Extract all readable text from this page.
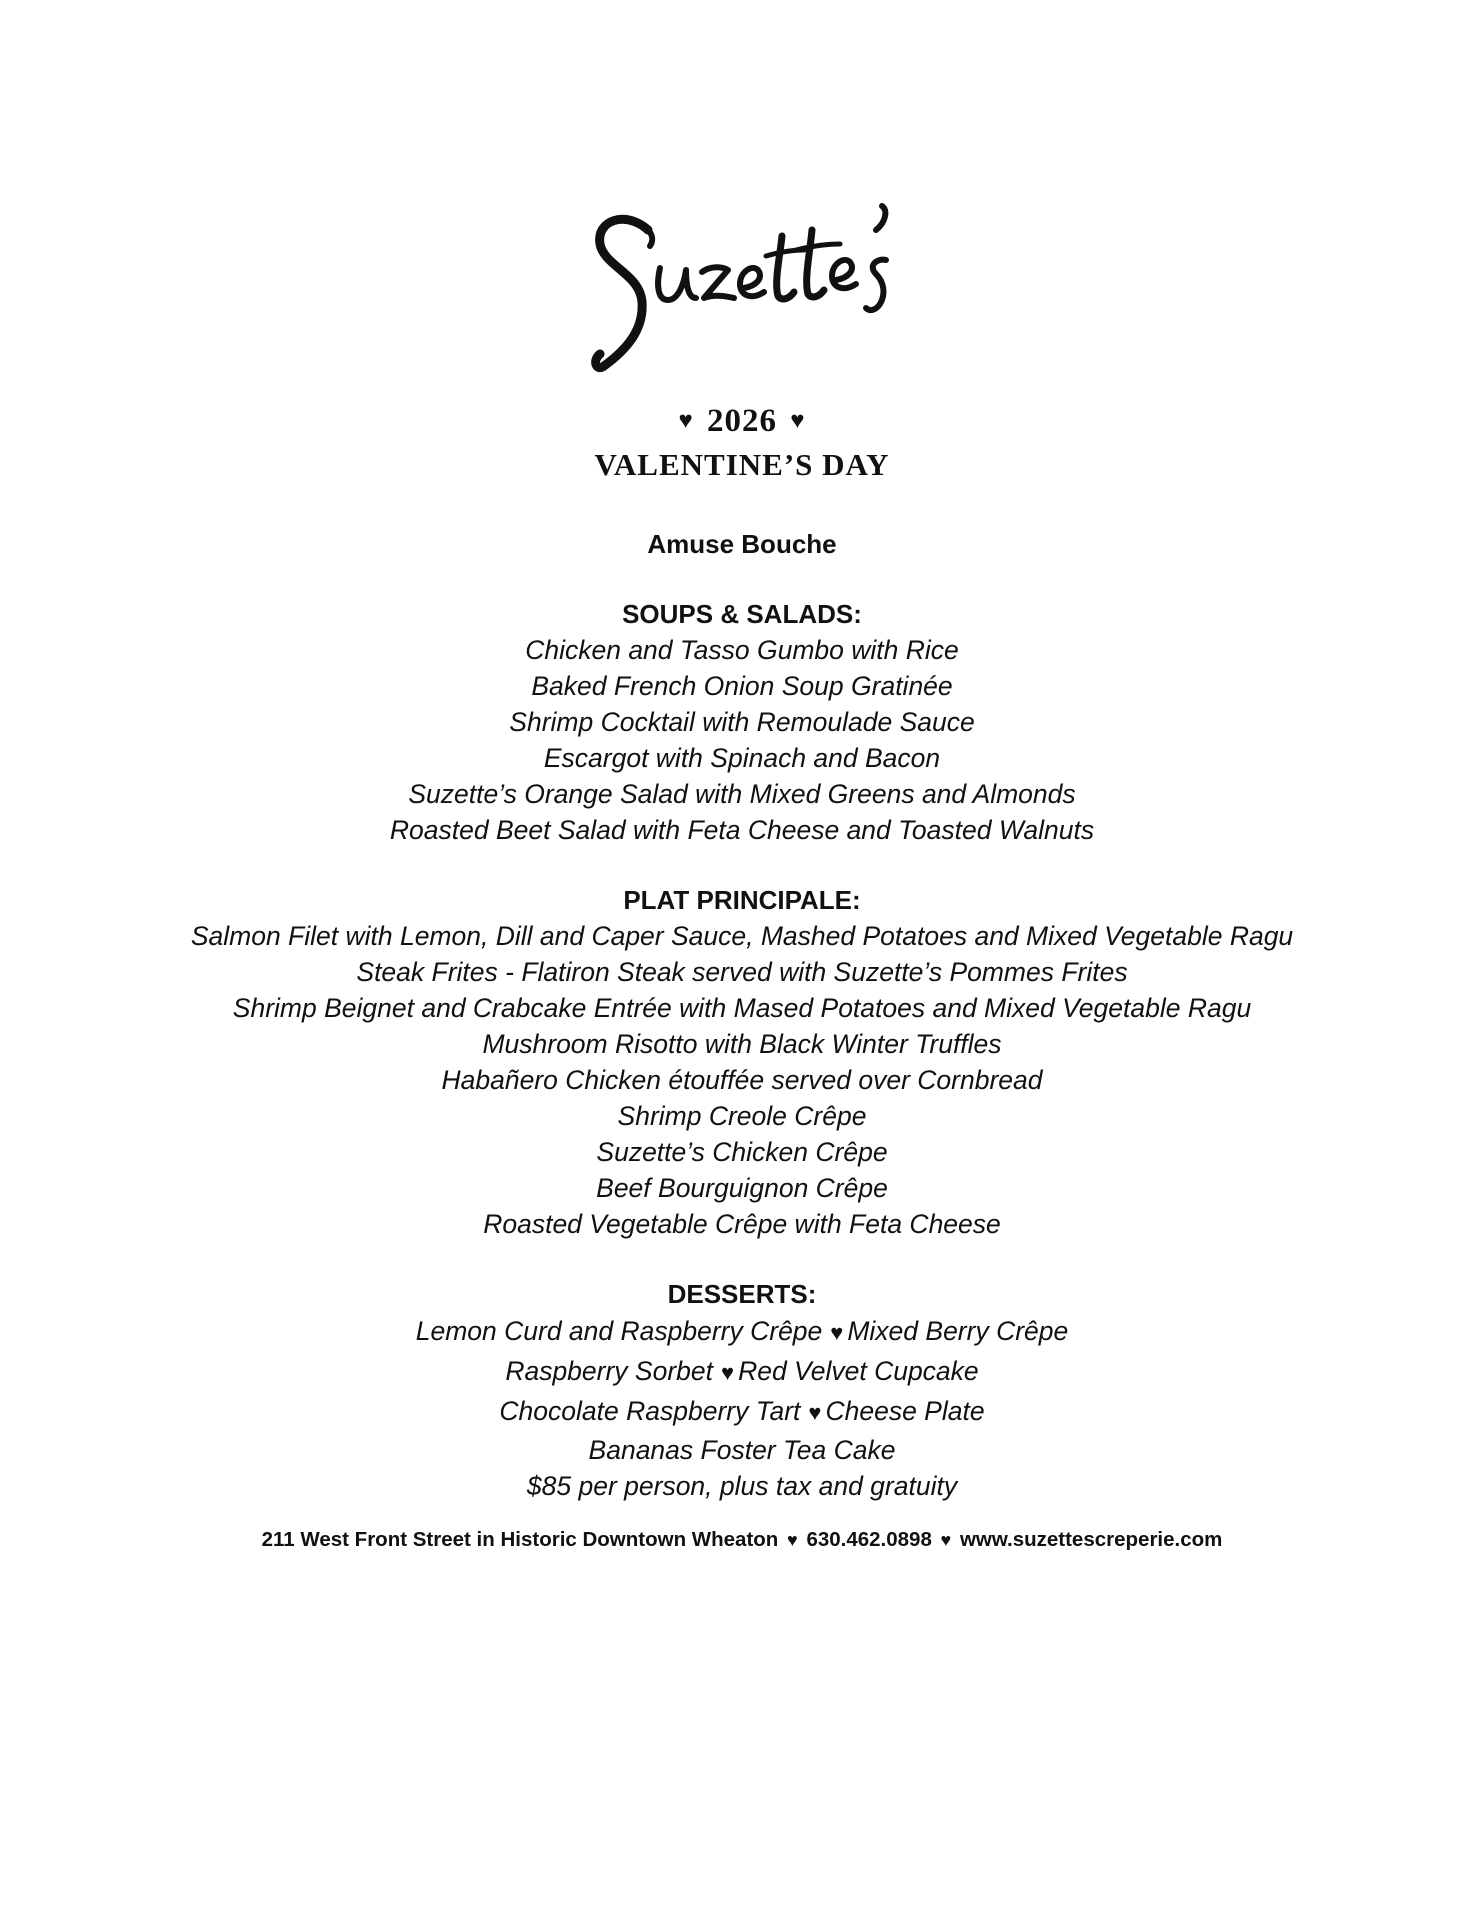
♥ 2026 ♥
VALENTINE’S DAY

Amuse Bouche

SOUPS & SALADS:

Chicken and Tasso Gumbo with Rice

Baked French Onion Soup Gratinée

Shrimp Cocktail with Remoulade Sauce

Escargot with Spinach and Bacon

Suzette’s Orange Salad with Mixed Greens and Almonds

Roasted Beet Salad with Feta Cheese and Toasted Walnuts

PLAT PRINCIPALE:

Salmon Filet with Lemon, Dill and Caper Sauce, Mashed Potatoes and Mixed Vegetable Ragu

Steak Frites - Flatiron Steak served with Suzette’s Pommes Frites

Shrimp Beignet and Crabcake Entrée with Mased Potatoes and Mixed Vegetable Ragu

Mushroom Risotto with Black Winter Truffles

Habañero Chicken étouffée served over Cornbread

Shrimp Creole Crêpe

Suzette’s Chicken Crêpe

Beef Bourguignon Crêpe

Roasted Vegetable Crêpe with Feta Cheese

DESSERTS:

Lemon Curd and Raspberry Crêpe ♥ Mixed Berry Crêpe

Raspberry Sorbet ♥ Red Velvet Cupcake

Chocolate Raspberry Tart ♥ Cheese Plate

Bananas Foster Tea Cake

$85 per person, plus tax and gratuity

211 West Front Street in Historic Downtown Wheaton ♥ 630.462.0898 ♥ www.suzettescreperie.com
